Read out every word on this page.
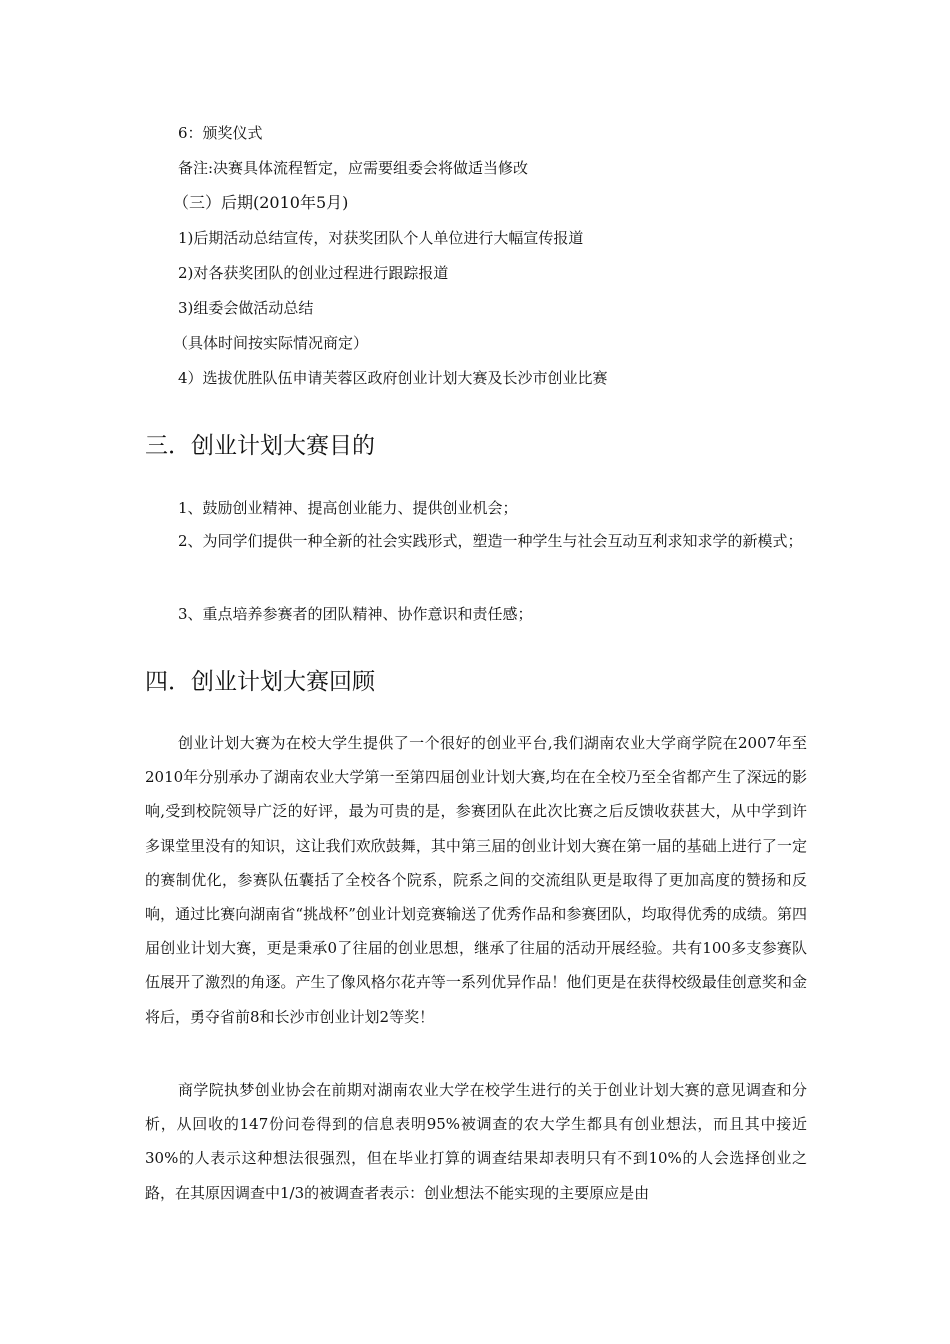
6：颁奖仪式
备注:决赛具体流程暂定，应需要组委会将做适当修改
（三）后期(2010年5月)
1)后期活动总结宣传，对获奖团队个人单位进行大幅宣传报道
2)对各获奖团队的创业过程进行跟踪报道
3)组委会做活动总结
（具体时间按实际情况商定）
4）选拔优胜队伍申请芙蓉区政府创业计划大赛及长沙市创业比赛
三．创业计划大赛目的
1、鼓励创业精神、提高创业能力、提供创业机会；

2、为同学们提供一种全新的社会实践形式，塑造一种学生与社会互动互利求知求学的新模式；

3、重点培养参赛者的团队精神、协作意识和责任感；
四．创业计划大赛回顾

创业计划大赛为在校大学生提供了一个很好的创业平台,我们湖南农业大学商学院在2007年至2010年分别承办了湖南农业大学第一至第四届创业计划大赛,均在在全校乃至全省都产生了深远的影响,受到校院领导广泛的好评，最为可贵的是，参赛团队在此次比赛之后反馈收获甚大，从中学到许多课堂里没有的知识，这让我们欢欣鼓舞，其中第三届的创业计划大赛在第一届的基础上进行了一定的赛制优化，参赛队伍囊括了全校各个院系，院系之间的交流组队更是取得了更加高度的赞扬和反响，通过比赛向湖南省“挑战杯”创业计划竞赛输送了优秀作品和参赛团队，均取得优秀的成绩。第四届创业计划大赛，更是秉承0了往届的创业思想，继承了往届的活动开展经验。共有100多支参赛队伍展开了激烈的角逐。产生了像风格尔花卉等一系列优异作品！他们更是在获得校级最佳创意奖和金将后，勇夺省前8和长沙市创业计划2等奖！

商学院执梦创业协会在前期对湖南农业大学在校学生进行的关于创业计划大赛的意见调查和分析，从回收的147份问卷得到的信息表明95%被调查的农大学生都具有创业想法，而且其中接近30%的人表示这种想法很强烈，但在毕业打算的调查结果却表明只有不到10%的人会选择创业之路，在其原因调查中1/3的被调查者表示：创业想法不能实现的主要原应是由
